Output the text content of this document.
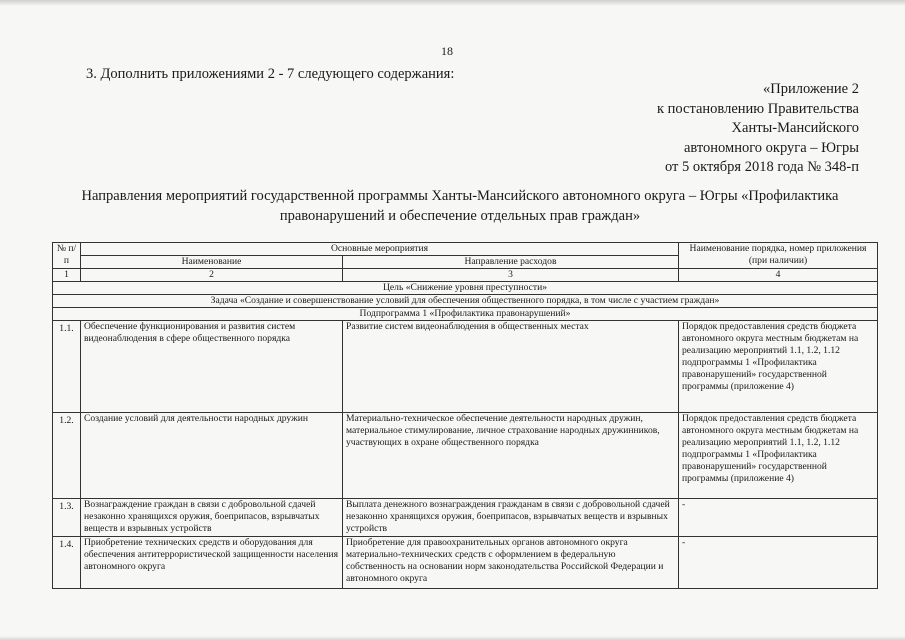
18
3. Дополнить приложениями 2 - 7 следующего содержания:
«Приложение 2
к постановлению Правительства
Ханты-Мансийского
автономного округа – Югры
от 5 октября 2018 года № 348-п
Направления мероприятий государственной программы Ханты-Мансийского автономного округа – Югры «Профилактика
правонарушений и обеспечение отдельных прав граждан»
№ п/п	Основные мероприятия		Наименование порядка, номер приложения (при наличии)
	Наименование	Направление расходов	
1	2	3	4
Цель «Снижение уровня преступности»			
Задача «Создание и совершенствование условий для обеспечения общественного порядка, в том числе с участием граждан»			
Подпрограмма 1 «Профилактика правонарушений»			
1.1.	Обеспечение функционирования и развития систем видеонаблюдения в сфере общественного порядка	Развитие систем видеонаблюдения в общественных местах	Порядок предоставления средств бюджета автономного округа местным бюджетам на реализацию мероприятий 1.1, 1.2, 1.12 подпрограммы 1 «Профилактика правонарушений» государственной программы (приложение 4)
1.2.	Создание условий для деятельности народных дружин	Материально-техническое обеспечение деятельности народных дружин, материальное стимулирование, личное страхование народных дружинников, участвующих в охране общественного порядка	Порядок предоставления средств бюджета автономного округа местным бюджетам на реализацию мероприятий 1.1, 1.2, 1.12 подпрограммы 1 «Профилактика правонарушений» государственной программы (приложение 4)
1.3.	Вознаграждение граждан в связи с добровольной сдачей незаконно хранящихся оружия, боеприпасов, взрывчатых веществ и взрывных устройств	Выплата денежного вознаграждения гражданам в связи с добровольной сдачей незаконно хранящихся оружия, боеприпасов, взрывчатых веществ и взрывных устройств	-
1.4.	Приобретение технических средств и оборудования для обеспечения антитеррористической защищенности населения автономного округа	Приобретение для правоохранительных органов автономного округа материально-технических средств с оформлением в федеральную собственность на основании норм законодательства Российской Федерации и автономного округа	-
